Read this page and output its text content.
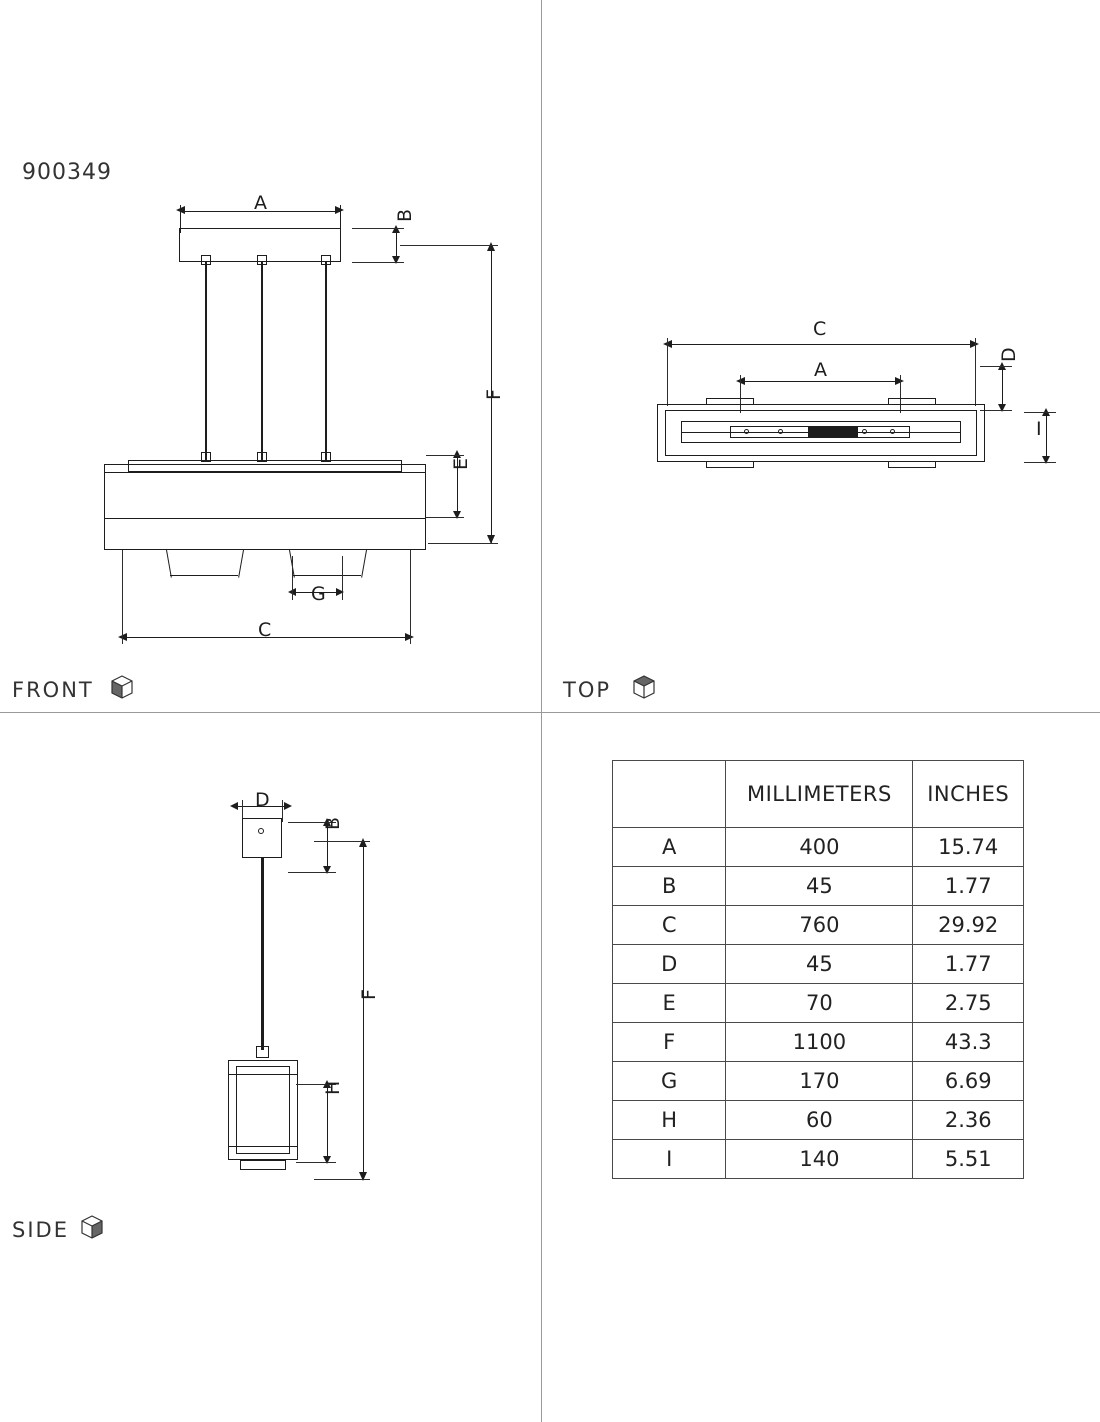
900349
A
B
F
E
G
C
FRONT
C
A
D
I
TOP
D
B
F
H
SIDE
	MILLIMETERS	INCHES
A	400	15.74
B	45	1.77
C	760	29.92
D	45	1.77
E	70	2.75
F	1100	43.3
G	170	6.69
H	60	2.36
I	140	5.51
